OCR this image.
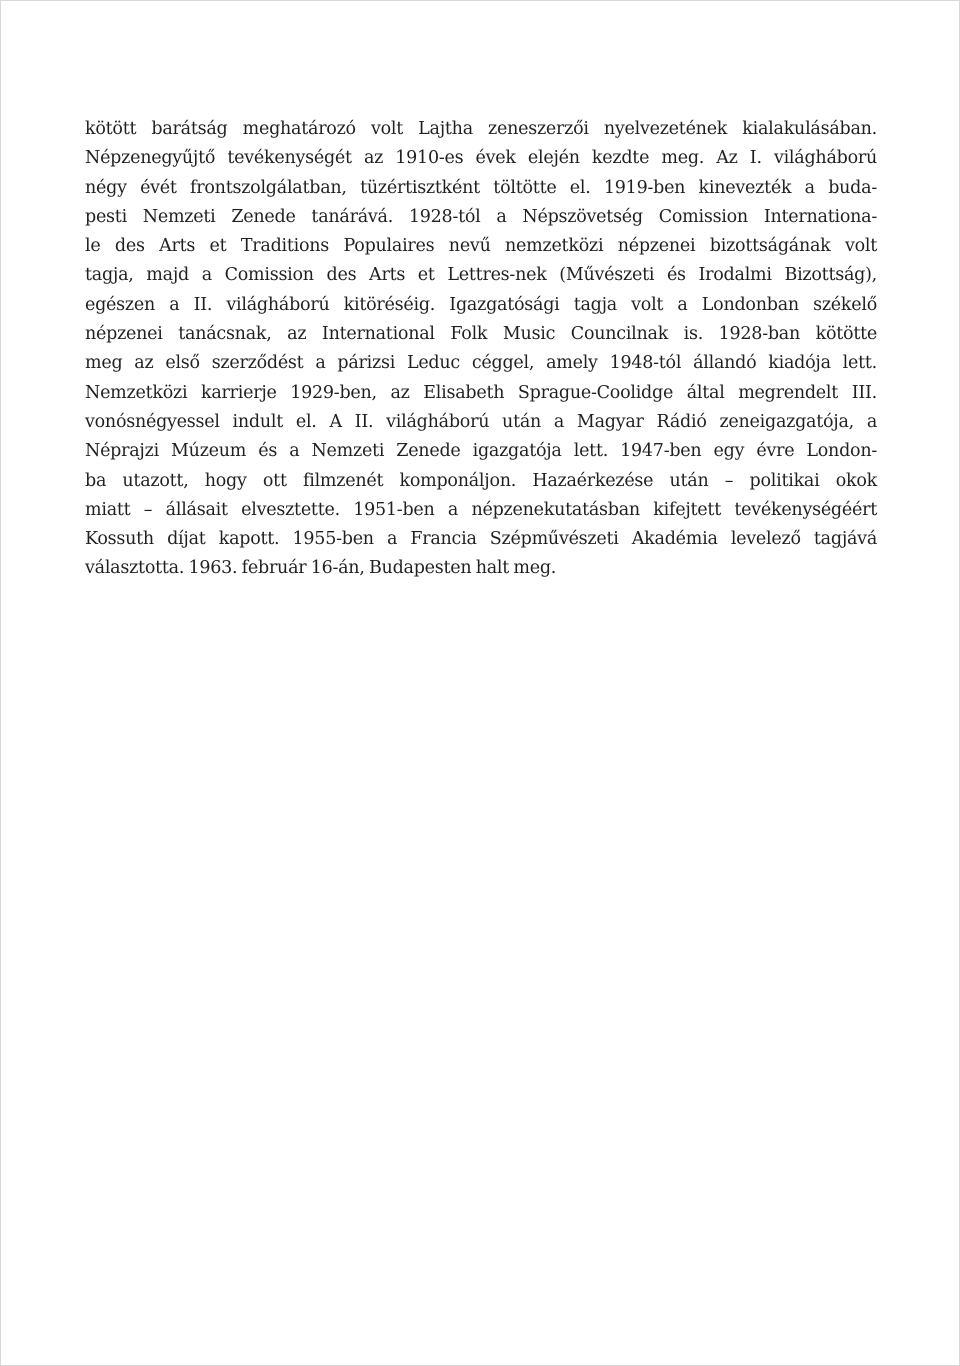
kötött barátság meghatározó volt Lajtha zeneszerzői nyelvezetének kialakulásában.
Népzenegyűjtő tevékenységét az 1910-es évek elején kezdte meg. Az I. világháború
négy évét frontszolgálatban, tüzértisztként töltötte el. 1919-ben kinevezték a buda-
pesti Nemzeti Zenede tanárává. 1928-tól a Népszövetség Comission Internationa-
le des Arts et Traditions Populaires nevű nemzetközi népzenei bizottságának volt
tagja, majd a Comission des Arts et Lettres-nek (Művészeti és Irodalmi Bizottság),
egészen a II. világháború kitöréséig. Igazgatósági tagja volt a Londonban székelő
népzenei tanácsnak, az International Folk Music Councilnak is. 1928-ban kötötte
meg az első szerződést a párizsi Leduc céggel, amely 1948-tól állandó kiadója lett.
Nemzetközi karrierje 1929-ben, az Elisabeth Sprague-Coolidge által megrendelt III.
vonósnégyessel indult el. A II. világháború után a Magyar Rádió zeneigazgatója, a
Néprajzi Múzeum és a Nemzeti Zenede igazgatója lett. 1947-ben egy évre London-
ba utazott, hogy ott filmzenét komponáljon. Hazaérkezése után – politikai okok
miatt – állásait elvesztette. 1951-ben a népzenekutatásban kifejtett tevékenységéért
Kossuth díjat kapott. 1955-ben a Francia Szépművészeti Akadémia levelező tagjává
választotta. 1963. február 16-án, Budapesten halt meg.
